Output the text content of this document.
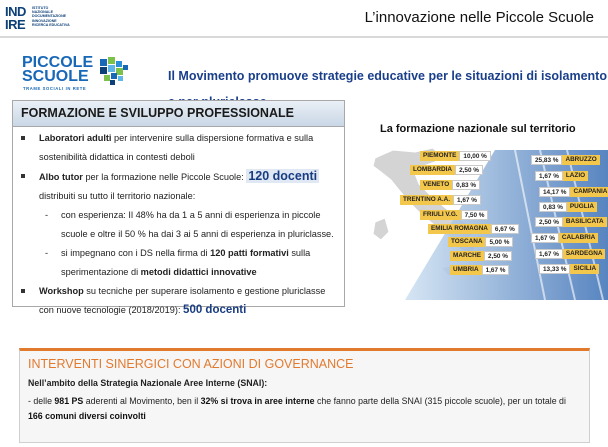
IND IRE
ISTITUTO NAZIONALE DOCUMENTAZIONE INNOVAZIONE RICERCA EDUCATIVA	L’innovazione nelle Piccole Scuole
PICCOLE
SCUOLE
TRAME SOCIALI IN RETE
Il Movimento promuove strategie educative per le situazioni di isolamento
FORMAZIONE E SVILUPPO PROFESSIONALE
Laboratori adulti per intervenire sulla dispersione formativa e sulla sostenibilità didattica in contesti deboli
Albo tutor per la formazione nelle Piccole Scuole: 120 docenti distribuiti su tutto il territorio nazionale:
- con esperienza: Il 48% ha da 1 a 5 anni di esperienza in piccole scuole e oltre il 50 % ha dai 3 ai 5 anni di esperienza in pluriclasse.
- si impegnano con i DS nella firma di 120 patti formativi sulla sperimentazione di metodi didattici innovative
Workshop su tecniche per superare isolamento e gestione pluriclasse con nuove tecnologie (2018/2019): 500 docenti
La formazione nazionale sul territorio
PIEMONTE	10,00 %
LOMBARDIA	2,50 %
VENETO	0,83 %
TRENTINO A.A.	1,67 %
FRIULI V.G.	7,50 %
EMILIA ROMAGNA	6,67 %
TOSCANA	5,00 %
MARCHE	2,50 %
UMBRIA	1,67 %
25,83 %	ABRUZZO
1,67 %	LAZIO
14,17 %	CAMPANIA
0,83 %	PUGLIA
2,50 %	BASILICATA
1,67 %	CALABRIA
1,67 %	SARDEGNA
13,33 %	SICILIA
INTERVENTI SINERGICI CON AZIONI DI GOVERNANCE
Nell’ambito della Strategia Nazionale Aree Interne (SNAI):
- delle 981 PS aderenti al Movimento, ben il 32% si trova in aree interne che fanno parte della SNAI (315 piccole scuole), per un totale di 166 comuni diversi coinvolti
